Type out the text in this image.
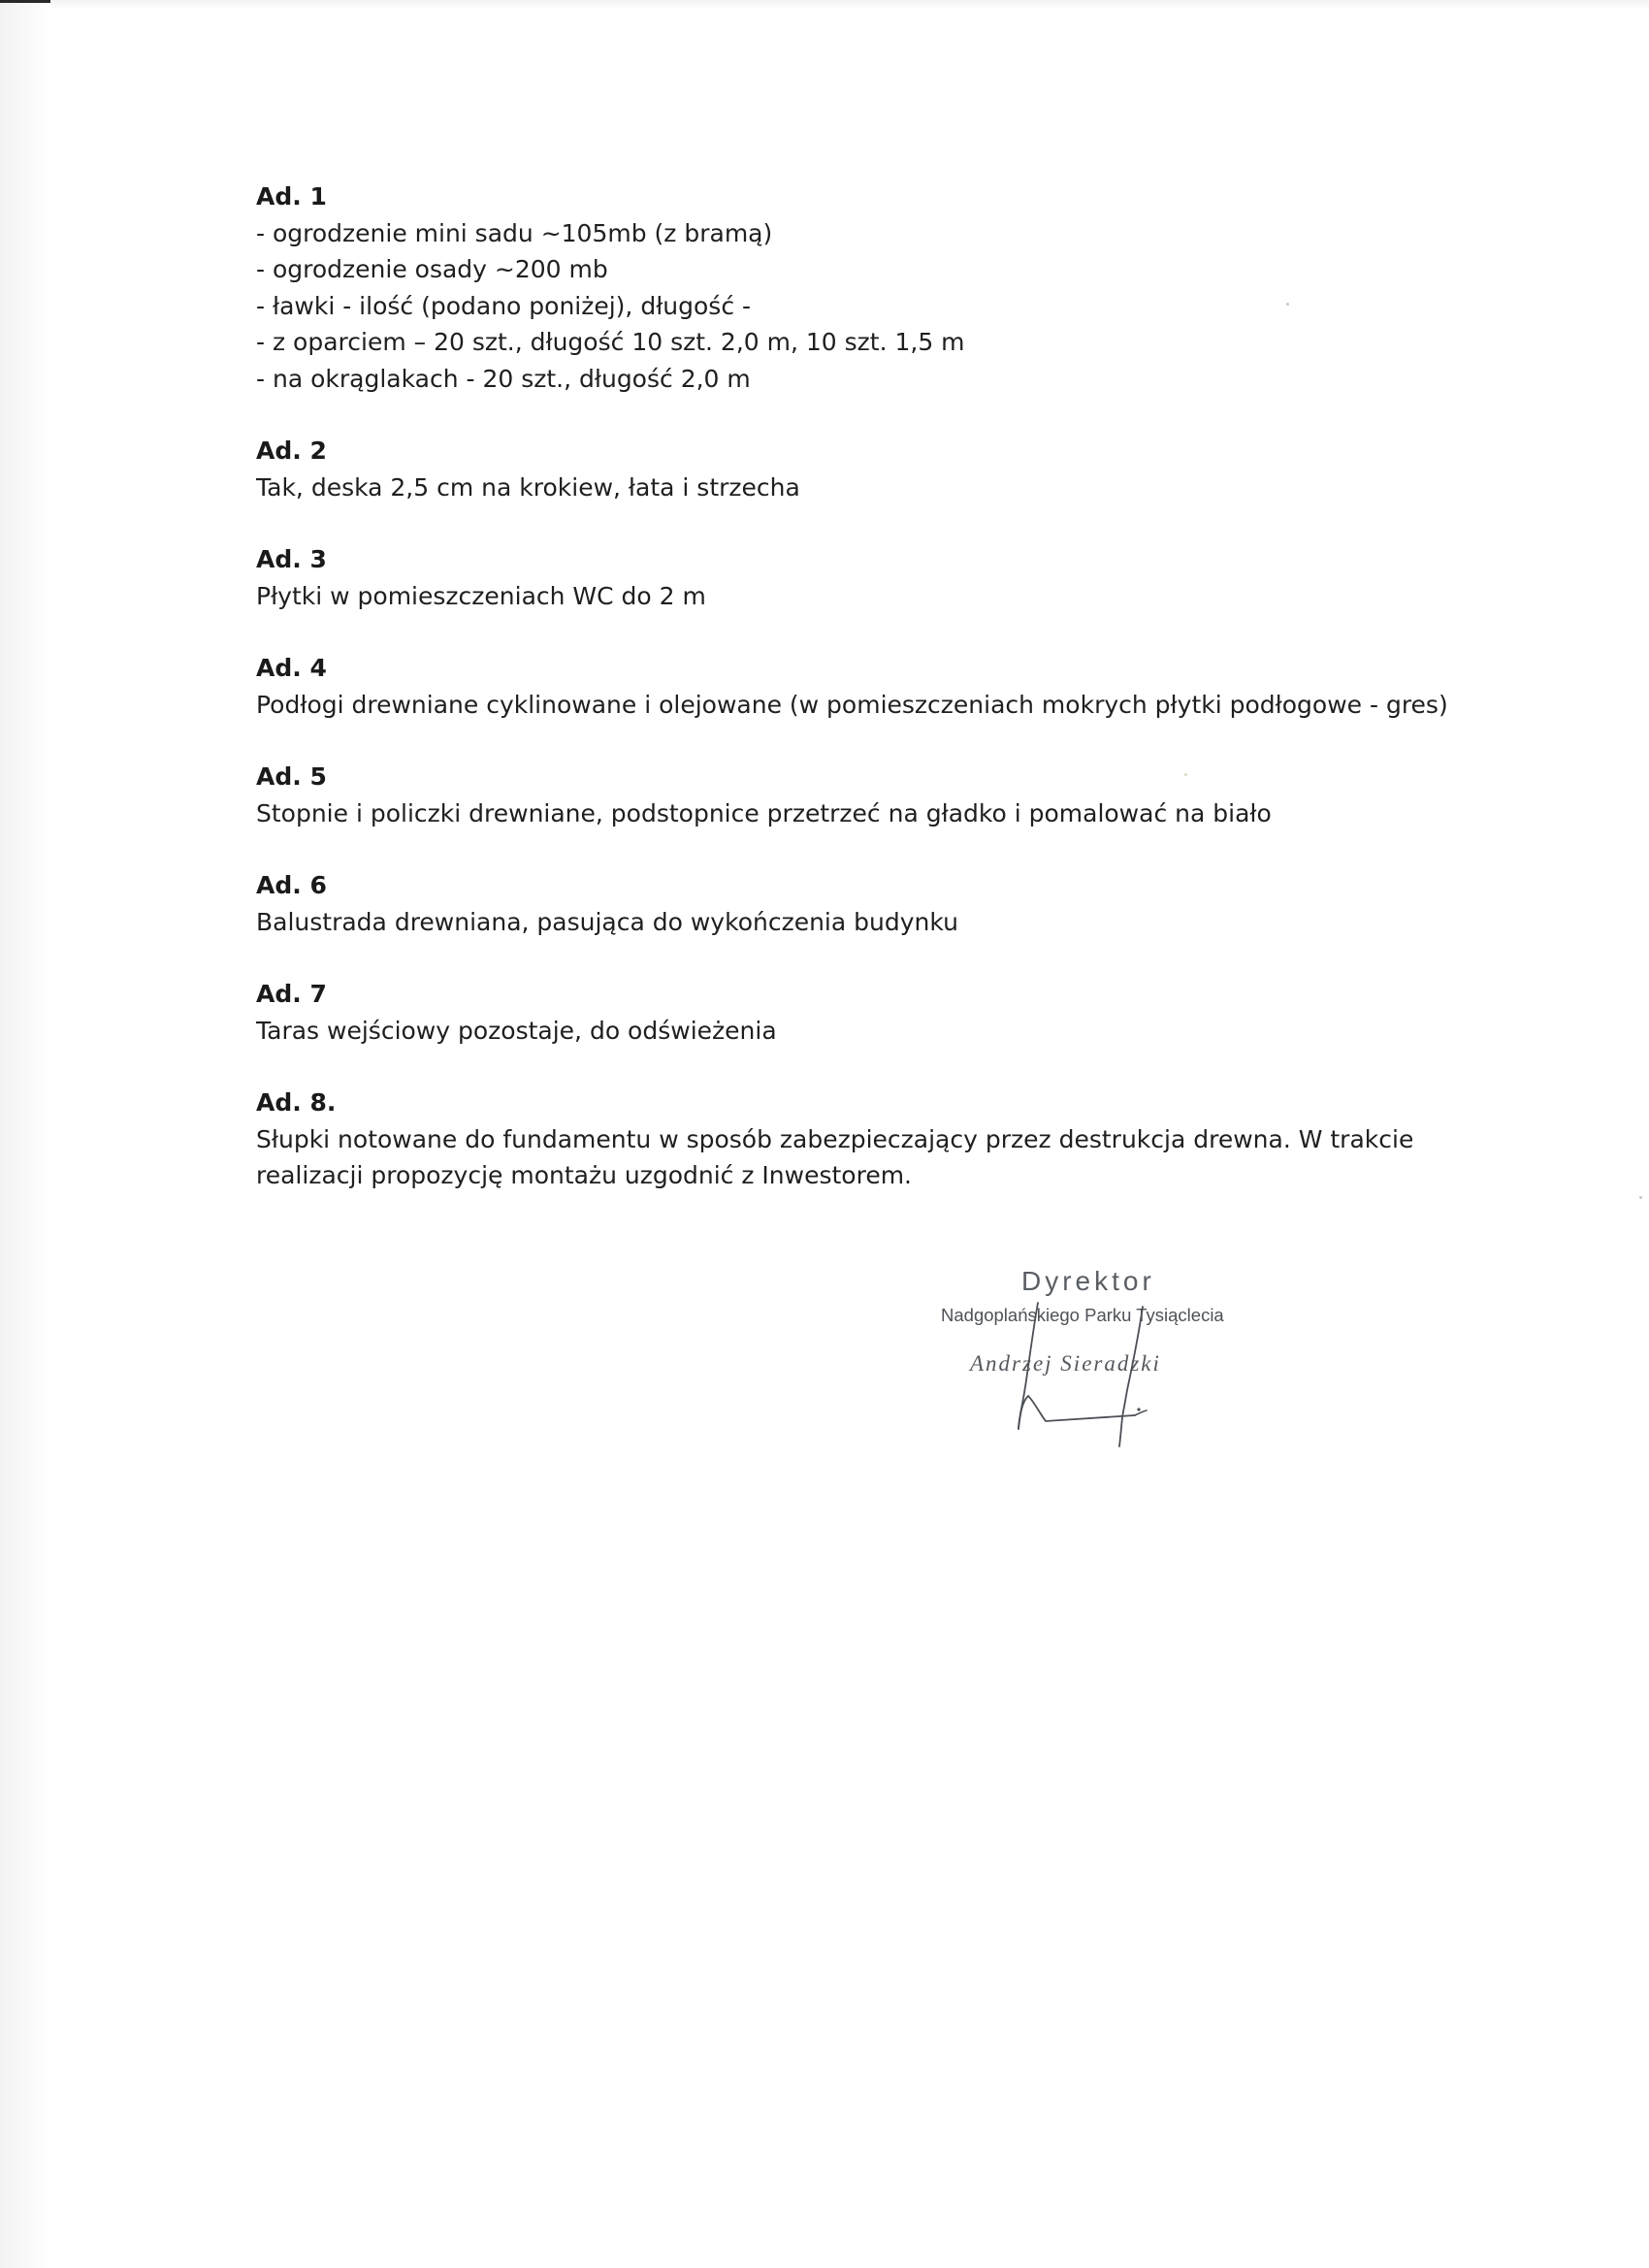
Ad. 1

- ogrodzenie mini sadu ~105mb (z bramą)

- ogrodzenie osady ~200 mb

- ławki - ilość (podano poniżej), długość -

- z oparciem – 20 szt., długość 10 szt. 2,0 m, 10 szt. 1,5 m

- na okrąglakach - 20 szt., długość 2,0 m

Ad. 2

Tak, deska 2,5 cm na krokiew, łata i strzecha

Ad. 3

Płytki w pomieszczeniach WC do 2 m

Ad. 4

Podłogi drewniane cyklinowane i olejowane (w pomieszczeniach mokrych płytki podłogowe - gres)

Ad. 5

Stopnie i policzki drewniane, podstopnice przetrzeć na gładko i pomalować na biało

Ad. 6

Balustrada drewniana, pasująca do wykończenia budynku

Ad. 7

Taras wejściowy pozostaje, do odświeżenia

Ad. 8.

Słupki notowane do fundamentu w sposób zabezpieczający przez destrukcja drewna. W trakcie realizacji propozycję montażu uzgodnić z Inwestorem.

Dyrektor
Nadgoplańskiego Parku Tysiąclecia
Andrzej Sieradzki
